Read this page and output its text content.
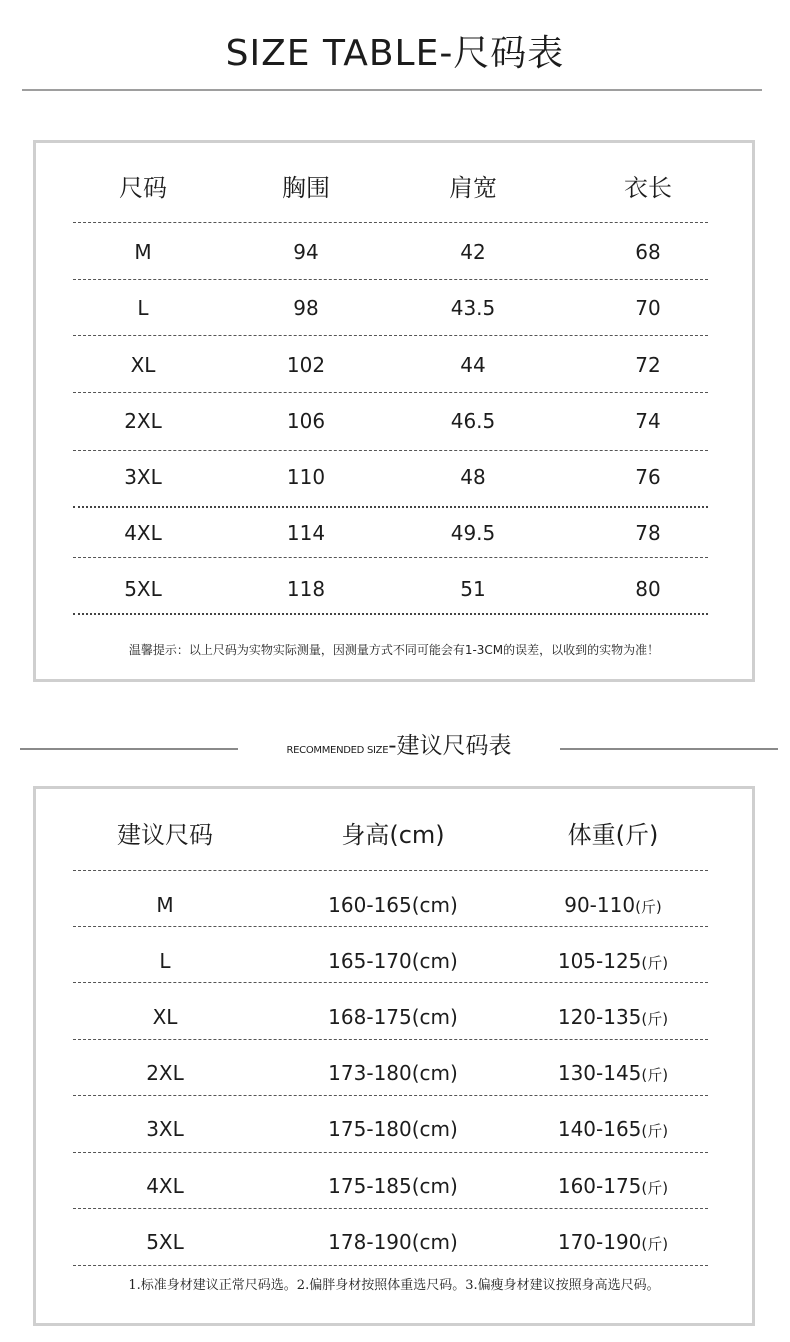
SIZE TABLE-尺码表
尺码	胸围	肩宽	衣长
M	94	42	68
L	98	43.5	70
XL	102	44	72
2XL	106	46.5	74
3XL	110	48	76
4XL	114	49.5	78
5XL	118	51	80
温馨提示：以上尺码为实物实际测量，因测量方式不同可能会有1-3CM的误差，以收到的实物为准！
RECOMMENDED SIZE-建议尺码表
建议尺码	身高(cm)	体重(斤)
M	160-165(cm)	90-110(斤)
L	165-170(cm)	105-125(斤)
XL	168-175(cm)	120-135(斤)
2XL	173-180(cm)	130-145(斤)
3XL	175-180(cm)	140-165(斤)
4XL	175-185(cm)	160-175(斤)
5XL	178-190(cm)	170-190(斤)
1.标准身材建议正常尺码选。2.偏胖身材按照体重选尺码。3.偏瘦身材建议按照身高选尺码。
